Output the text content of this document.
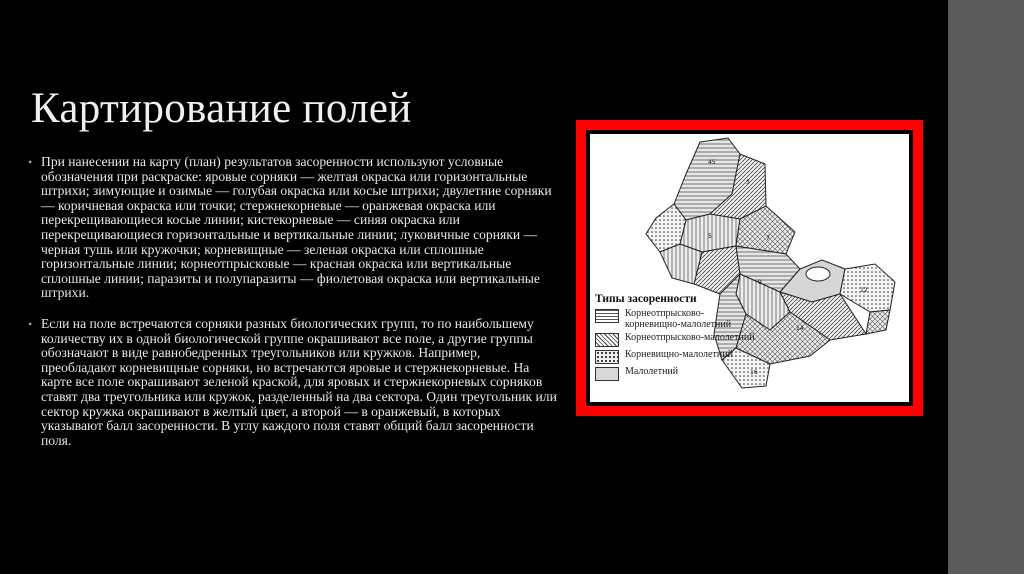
Картирование полей
• При нанесении на карту (план) результатов засоренности используют условные обозначения при раскраске: яровые сорняки — желтая окраска или горизонтальные штрихи; зимующие и озимые — голубая окраска или косые штрихи; двулетние сорняки — коричневая окраска или точки; стержнекорневые — оранжевая окраска или перекрещивающиеся косые линии; кистекорневые — синяя окраска или перекрещивающиеся горизонтальные и вертикальные линии; луковичные сорняки — черная тушь или кружочки; корневищные — зеленая окраска или сплошные горизонтальные линии; корнеотпрысковые — красная окраска или вертикальные сплошные линии; паразиты и полупаразиты — фиолетовая окраска или вертикальные штрихи.
• Если на поле встречаются сорняки разных биологических групп, то по наибольшему количеству их в одной биологической группе окрашивают все поле, а другие группы обозначают в виде равнобедренных треугольников или кружков. Например, преобладают корневищные сорняки, но встречаются яровые и стержнекорневые. На карте все поле окрашивают зеленой краской, для яровых и стержнекорневых сорняков ставят два треугольника или кружок, разделенный на два сектора. Один треугольник или сектор кружка окрашивают в желтый цвет, а второй — в оранжевый, в которых указывают балл засоренности. В углу каждого поля ставят общий балл засоренности поля.
45
3
5	7
9
12
14
16
Типы засоренности
Корнеотпрысково-корневищно-малолетний
Корнеотпрысково-малолетний
Корневищно-малолетний
Малолетний
